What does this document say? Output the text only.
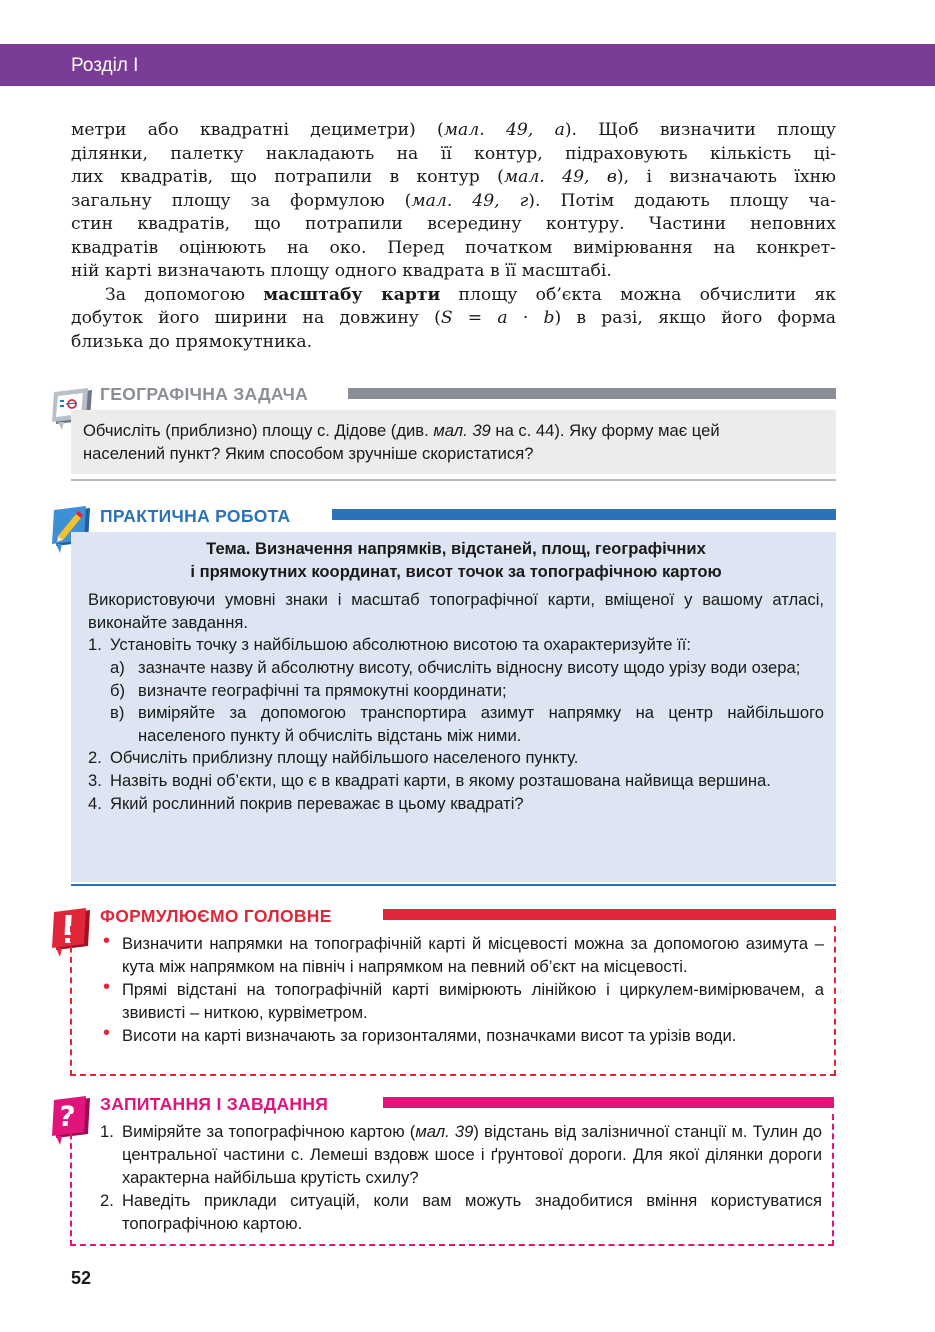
Розділ І
метри або квадратні дециметри) (мал. 49, а). Щоб визначити площу
ділянки, палетку накладають на її контур, підраховують кількість ці-
лих квадратів, що потрапили в контур (мал. 49, в), і визначають їхню
загальну площу за формулою (мал. 49, г). Потім додають площу ча-
стин квадратів, що потрапили всередину контуру. Частини неповних
квадратів оцінюють на око. Перед початком вимірювання на конкрет-
ній карті визначають площу одного квадрата в її масштабі.
За допомогою масштабу карти площу об’єкта можна обчислити як
добуток його ширини на довжину (S = a · b) в разі, якщо його форма
близька до прямокутника.
ГЕОГРАФІЧНА ЗАДАЧА
Обчисліть (приблизно) площу с. Дідове (див. мал. 39 на с. 44). Яку форму має цей
населений пункт? Яким способом зручніше скористатися?
ПРАКТИЧНА РОБОТА
Тема. Визначення напрямків, відстаней, площ, географічних
і прямокутних координат, висот точок за топографічною картою
Використовуючи умовні знаки і масштаб топографічної карти, вміщеної у вашому атласі, виконайте завдання.
1. Установіть точку з найбільшою абсолютною висотою та охарактеризуйте її:
а) зазначте назву й абсолютну висоту, обчисліть відносну висоту щодо урізу води озера;
б) визначте географічні та прямокутні координати;
в) виміряйте за допомогою транспортира азимут напрямку на центр найбільшого населеного пункту й обчисліть відстань між ними.
2. Обчисліть приблизну площу найбільшого населеного пункту.
3. Назвіть водні об’єкти, що є в квадраті карти, в якому розташована найвища вершина.
4. Який рослинний покрив переважає в цьому квадраті?
ФОРМУЛЮЄМО ГОЛОВНЕ
• Визначити напрямки на топографічній карті й місцевості можна за допомогою азимута – кута між напрямком на північ і напрямком на певний об’єкт на місцевості.
• Прямі відстані на топографічній карті вимірюють лінійкою і циркулем-вимірювачем, а звивисті – ниткою, курвіметром.
• Висоти на карті визначають за горизонталями, позначками висот та урізів води.
? ЗАПИТАННЯ І ЗАВДАННЯ
1. Виміряйте за топографічною картою (мал. 39) відстань від залізничної станції м. Тулин до центральної частини с. Лемеші вздовж шосе і ґрунтової дороги. Для якої ділянки дороги характерна найбільша крутість схилу?
2. Наведіть приклади ситуацій, коли вам можуть знадобитися вміння користуватися топографічною картою.
52
